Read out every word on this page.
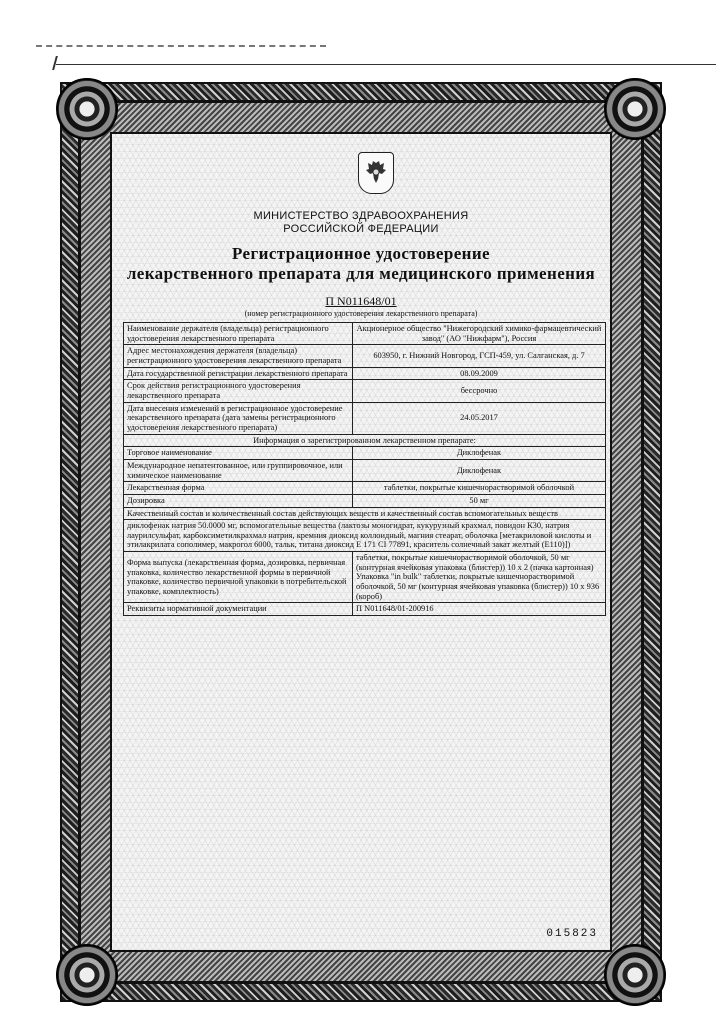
МИНИСТЕРСТВО ЗДРАВООХРАНЕНИЯ
РОССИЙСКОЙ ФЕДЕРАЦИИ
Регистрационное удостоверение
лекарственного препарата для медицинского применения
П N011648/01
(номер регистрационного удостоверения лекарственного препарата)
Наименование держателя (владельца) регистрационного удостоверения лекарственного препарата	Акционерное общество "Нижегородский химико-фармацевтический завод" (АО "Нижфарм"), Россия
Адрес местонахождения держателя (владельца) регистрационного удостоверения лекарственного препарата	603950, г. Нижний Новгород, ГСП-459, ул. Салганская, д. 7
Дата государственной регистрации лекарственного препарата	08.09.2009
Срок действия регистрационного удостоверения лекарственного препарата	бессрочно
Дата внесения изменений в регистрационное удостоверение лекарственного препарата (дата замены регистрационного удостоверения лекарственного препарата)	24.05.2017
Информация о зарегистрированном лекарственном препарате:	
Торговое наименование	Диклофенак
Международное непатентованное, или группировочное, или химическое наименование	Диклофенак
Лекарственная форма	таблетки, покрытые кишечнорастворимой оболочкой
Дозировка	50 мг
Качественный состав и количественный состав действующих веществ и качественный состав вспомогательных веществ	
диклофенак натрия 50.0000 мг, вспомогательные вещества (лактозы моногидрат, кукурузный крахмал, повидон К30, натрия лаурилсульфат, карбоксиметилкрахмал натрия, кремния диоксид коллоидный, магния стеарат, оболочка [метакриловой кислоты и этилакрилата сополимер, макрогол 6000, тальк, титана диоксид Е 171 CI 77891, краситель солнечный закат желтый (Е110)])	
Форма выпуска (лекарственная форма, дозировка, первичная упаковка, количество лекарственной формы в первичной упаковке, количество первичной упаковки в потребительской упаковке, комплектность)	таблетки, покрытые кишечнорастворимой оболочкой, 50 мг (контурная ячейковая упаковка (блистер)) 10 х 2 (пачка картонная) Упаковка "in bulk" таблетки, покрытые кишечнорастворимой оболочкой, 50 мг (контурная ячейковая упаковка (блистер)) 10 х 936 (короб)
Реквизиты нормативной документации	П N011648/01-200916
015823
